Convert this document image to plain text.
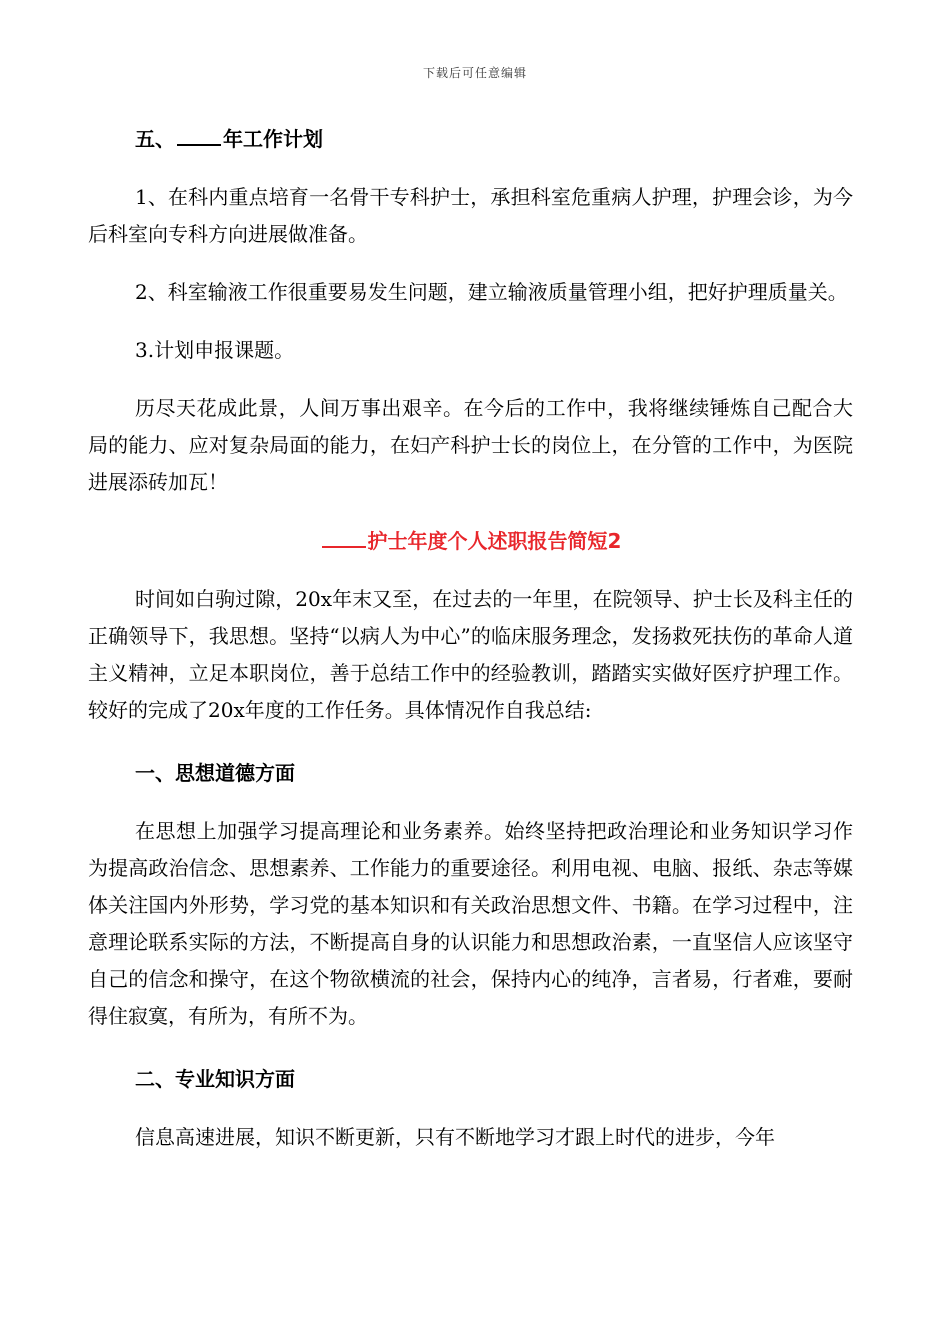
下载后可任意编辑

五、 年工作计划

1、在科内重点培育一名骨干专科护士，承担科室危重病人护理，护理会诊，为今后科室向专科方向进展做准备。

2、科室输液工作很重要易发生问题，建立输液质量管理小组，把好护理质量关。

3.计划申报课题。

历尽天花成此景，人间万事出艰辛。在今后的工作中，我将继续锤炼自己配合大局的能力、应对复杂局面的能力，在妇产科护士长的岗位上，在分管的工作中，为医院进展添砖加瓦！

护士年度个人述职报告简短2

时间如白驹过隙，20x年末又至，在过去的一年里，在院领导、护士长及科主任的正确领导下，我思想。坚持“以病人为中心”的临床服务理念，发扬救死扶伤的革命人道主义精神，立足本职岗位，善于总结工作中的经验教训，踏踏实实做好医疗护理工作。较好的完成了20x年度的工作任务。具体情况作自我总结:

一、思想道德方面

在思想上加强学习提高理论和业务素养。始终坚持把政治理论和业务知识学习作为提高政治信念、思想素养、工作能力的重要途径。利用电视、电脑、报纸、杂志等媒体关注国内外形势，学习党的基本知识和有关政治思想文件、书籍。在学习过程中，注意理论联系实际的方法，不断提高自身的认识能力和思想政治素，一直坚信人应该坚守自己的信念和操守，在这个物欲横流的社会，保持内心的纯净，言者易，行者难，要耐得住寂寞，有所为，有所不为。

二、专业知识方面

信息高速进展，知识不断更新，只有不断地学习才跟上时代的进步，今年
